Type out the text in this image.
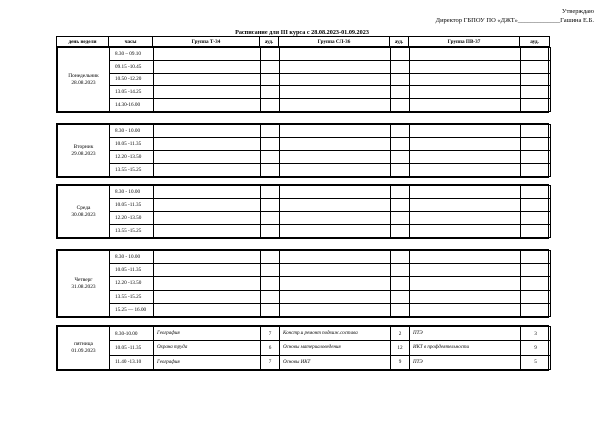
Утверждаю
Директор ГБПОУ ПО «ДЖТ»_____________Гашина Е.Б.
Расписание для III курса с 28.08.2023-01.09.2023
день недели	часы	Группа Т-34	ауд.	Группа СЛ-36	ауд.	Группа ПВ-37	ауд.
Понедельник
28.08.2023	8.30 – 09.10						
	09.15 -10.45						
	10.50 -12.20						
	13.05 -14.25						
	14.30-16.00						
Вторник
29.08.2023	8.30 - 10.00						
	10.05 -11.35						
	12.20 -13.50						
	13.55 -15.25						
Среда
30.08.2023	8.30 - 10.00						
	10.05 -11.35						
	12.20 -13.50						
	13.55 -15.25						
Четверг
31.08.2023	8.30 - 10.00						
	10.05 -11.35						
	12.20 -13.50						
	13.55 -15.25						
	15.25 — 16.00						
пятница
01.09.2023	8.30-10.00	География	7	Констр.и ремонт подвиж.состава	2	ПТЭ	3
	10.05 -11.35	Охрана труда	6	Основы материаловедения	12	ИКТ в профдеятельности	9
	11.40 -13.10	География	7	Основы ИКТ	9	ПТЭ	5
